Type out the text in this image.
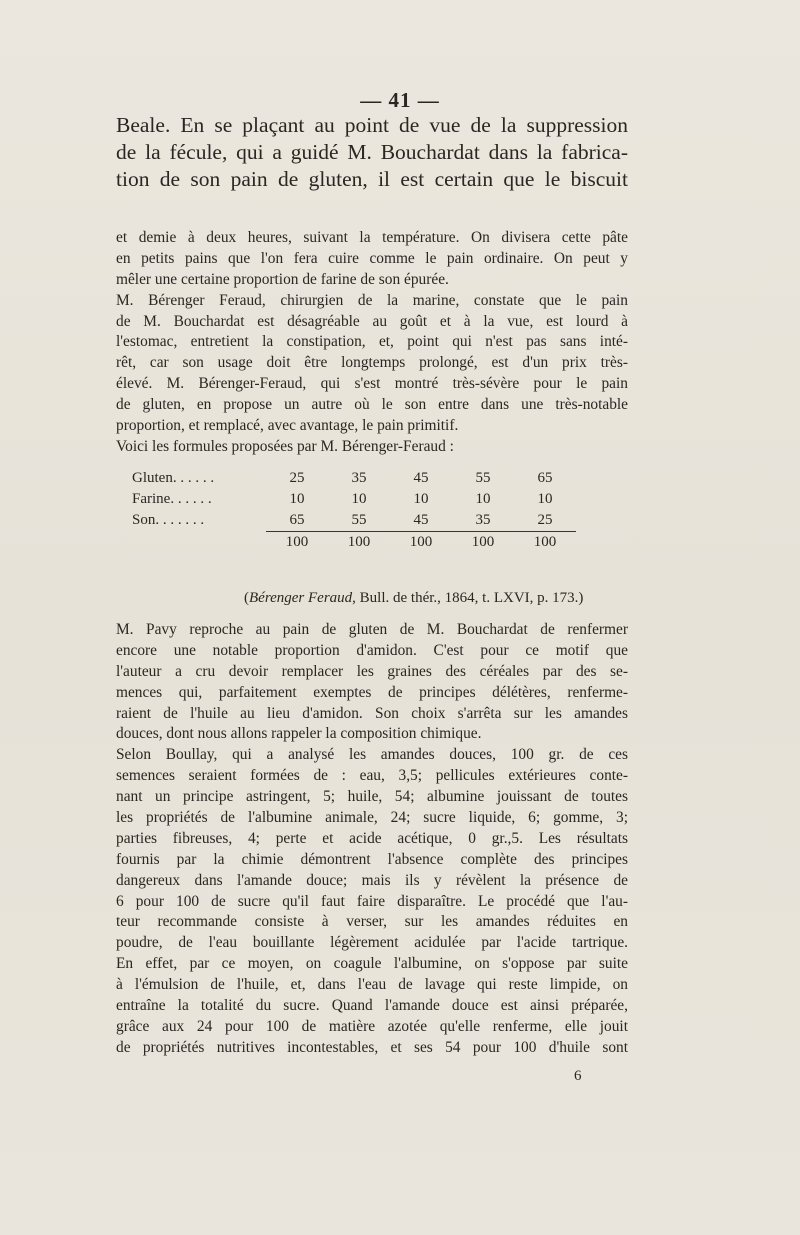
— 41 —
Beale. En se plaçant au point de vue de la suppression
de la fécule, qui a guidé M. Bouchardat dans la fabrica-
tion de son pain de gluten, il est certain que le biscuit
et demie à deux heures, suivant la température. On divisera cette pâte
en petits pains que l'on fera cuire comme le pain ordinaire. On peut y
mêler une certaine proportion de farine de son épurée.
M. Bérenger Feraud, chirurgien de la marine, constate que le pain
de M. Bouchardat est désagréable au goût et à la vue, est lourd à
l'estomac, entretient la constipation, et, point qui n'est pas sans inté-
rêt, car son usage doit être longtemps prolongé, est d'un prix très-
élevé. M. Bérenger-Feraud, qui s'est montré très-sévère pour le pain
de gluten, en propose un autre où le son entre dans une très-notable
proportion, et remplacé, avec avantage, le pain primitif.
Voici les formules proposées par M. Bérenger-Feraud :
Gluten. . . . . .	25	35	45	55	65
Farine. . . . . .	10	10	10	10	10
Son. . . . . . .	65	55	45	35	25
	100	100	100	100	100
(Bérenger Feraud, Bull. de thér., 1864, t. LXVI, p. 173.)
M. Pavy reproche au pain de gluten de M. Bouchardat de renfermer
encore une notable proportion d'amidon. C'est pour ce motif que
l'auteur a cru devoir remplacer les graines des céréales par des se-
mences qui, parfaitement exemptes de principes délétères, renferme-
raient de l'huile au lieu d'amidon. Son choix s'arrêta sur les amandes
douces, dont nous allons rappeler la composition chimique.
Selon Boullay, qui a analysé les amandes douces, 100 gr. de ces
semences seraient formées de : eau, 3,5; pellicules extérieures conte-
nant un principe astringent, 5; huile, 54; albumine jouissant de toutes
les propriétés de l'albumine animale, 24; sucre liquide, 6; gomme, 3;
parties fibreuses, 4; perte et acide acétique, 0 gr.,5. Les résultats
fournis par la chimie démontrent l'absence complète des principes
dangereux dans l'amande douce; mais ils y révèlent la présence de
6 pour 100 de sucre qu'il faut faire disparaître. Le procédé que l'au-
teur recommande consiste à verser, sur les amandes réduites en
poudre, de l'eau bouillante légèrement acidulée par l'acide tartrique.
En effet, par ce moyen, on coagule l'albumine, on s'oppose par suite
à l'émulsion de l'huile, et, dans l'eau de lavage qui reste limpide, on
entraîne la totalité du sucre. Quand l'amande douce est ainsi préparée,
grâce aux 24 pour 100 de matière azotée qu'elle renferme, elle jouit
de propriétés nutritives incontestables, et ses 54 pour 100 d'huile sont
6
